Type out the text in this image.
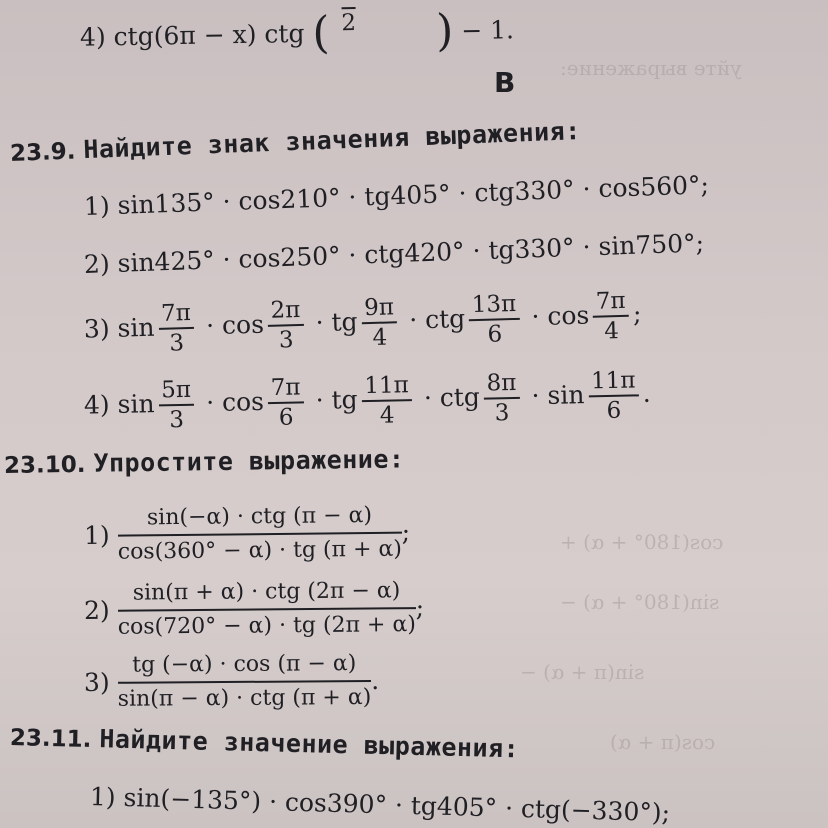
уйте выражение:
cos(180° + α) +
sin(180° + α) −
sin(π + α) −
cos(π + α)
4) ctg(6π − x) ctg ( 2 ) − 1.
B
23.9. Найдите знак значения выражения:
1) sin135° · cos210° · tg405° · ctg330° · cos560°;
2) sin425° · cos250° · ctg420° · tg330° · sin750°;
3) $\sin \frac{7\pi}{3} \cdot \cos \frac{2\pi}{3}$ · tg $\frac{9\pi}{4}$ · ctg $\frac{13\pi}{6} \cdot \cos \frac{7\pi}{4}$ ;
4) $\sin \frac{5\pi}{3} \cdot \cos \frac{7\pi}{6}$ · tg $\frac{11\pi}{4}$ · ctg $\frac{8\pi}{3} \cdot \sin \frac{11\pi}{6}$ .
23.10. Упростите выражение:
1)
sin(−α) · ctg (π − α)
cos(360° − α) · tg (π + α)
;
2)
sin(π + α) · ctg (2π − α)
cos(720° − α) · tg (2π + α)
;
3)
tg (−α) · cos (π − α)
sin(π − α) · ctg (π + α)
.
23.11. Найдите значение выражения:
1) sin(−135°) · cos390° · tg405° · ctg(−330°);
